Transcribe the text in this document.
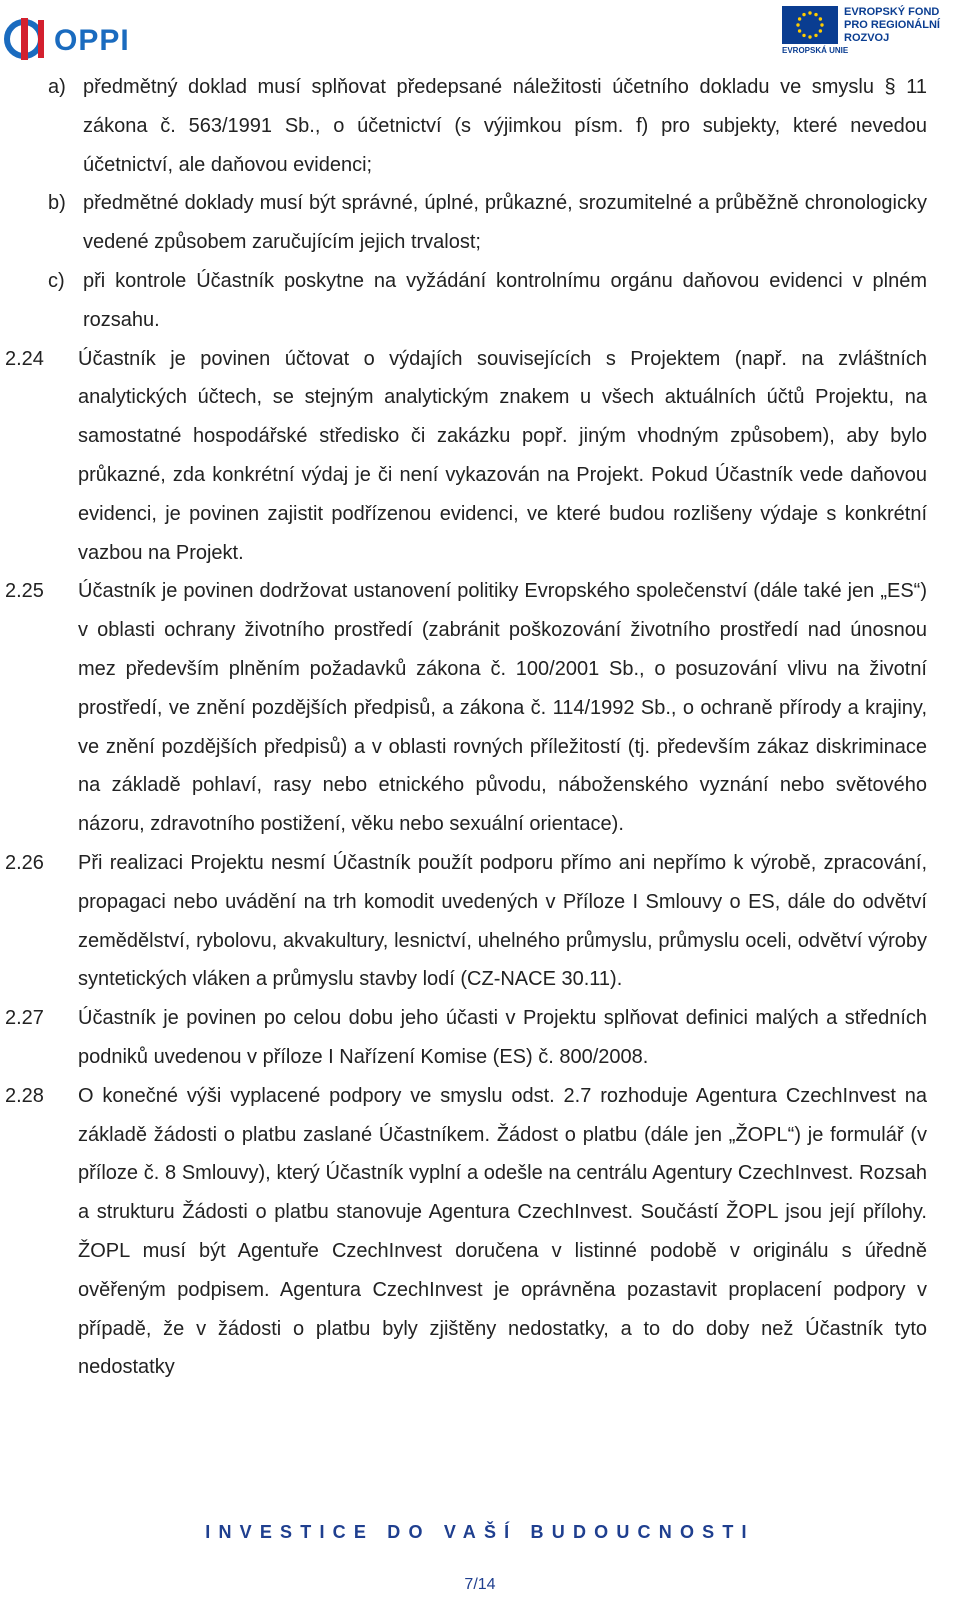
OPPI	EVROPSKÁ UNIE
EVROPSKÝ FOND
PRO REGIONÁLNÍ
ROZVOJ
a) předmětný doklad musí splňovat předepsané náležitosti účetního dokladu ve smyslu § 11 zákona č. 563/1991 Sb., o účetnictví (s výjimkou písm. f) pro subjekty, které nevedou účetnictví, ale daňovou evidenci;
b) předmětné doklady musí být správné, úplné, průkazné, srozumitelné a průběžně chronologicky vedené způsobem zaručujícím jejich trvalost;
c) při kontrole Účastník poskytne na vyžádání kontrolnímu orgánu daňovou evidenci v plném rozsahu.
2.24 Účastník je povinen účtovat o výdajích souvisejících s Projektem (např. na zvláštních analytických účtech, se stejným analytickým znakem u všech aktuálních účtů Projektu, na samostatné hospodářské středisko či zakázku popř. jiným vhodným způsobem), aby bylo průkazné, zda konkrétní výdaj je či není vykazován na Projekt. Pokud Účastník vede daňovou evidenci, je povinen zajistit podřízenou evidenci, ve které budou rozlišeny výdaje s konkrétní vazbou na Projekt.
2.25 Účastník je povinen dodržovat ustanovení politiky Evropského společenství (dále také jen „ES“) v oblasti ochrany životního prostředí (zabránit poškozování životního prostředí nad únosnou mez především plněním požadavků zákona č. 100/2001 Sb., o posuzování vlivu na životní prostředí, ve znění pozdějších předpisů, a zákona č. 114/1992 Sb., o ochraně přírody a krajiny, ve znění pozdějších předpisů) a v oblasti rovných příležitostí (tj. především zákaz diskriminace na základě pohlaví, rasy nebo etnického původu, náboženského vyznání nebo světového názoru, zdravotního postižení, věku nebo sexuální orientace).
2.26 Při realizaci Projektu nesmí Účastník použít podporu přímo ani nepřímo k výrobě, zpracování, propagaci nebo uvádění na trh komodit uvedených v Příloze I Smlouvy o ES, dále do odvětví zemědělství, rybolovu, akvakultury, lesnictví, uhelného průmyslu, průmyslu oceli, odvětví výroby syntetických vláken a průmyslu stavby lodí (CZ-NACE 30.11).
2.27 Účastník je povinen po celou dobu jeho účasti v Projektu splňovat definici malých a středních podniků uvedenou v příloze I Nařízení Komise (ES) č. 800/2008.
2.28 O konečné výši vyplacené podpory ve smyslu odst. 2.7 rozhoduje Agentura CzechInvest na základě žádosti o platbu zaslané Účastníkem. Žádost o platbu (dále jen „ŽOPL“) je formulář (v příloze č. 8 Smlouvy), který Účastník vyplní a odešle na centrálu Agentury CzechInvest. Rozsah a strukturu Žádosti o platbu stanovuje Agentura CzechInvest. Součástí ŽOPL jsou její přílohy. ŽOPL musí být Agentuře CzechInvest doručena v listinné podobě v originálu s úředně ověřeným podpisem. Agentura CzechInvest je oprávněna pozastavit proplacení podpory v případě, že v žádosti o platbu byly zjištěny nedostatky, a to do doby než Účastník tyto nedostatky
INVESTICE DO VAŠÍ BUDOUCNOSTI
7/14
